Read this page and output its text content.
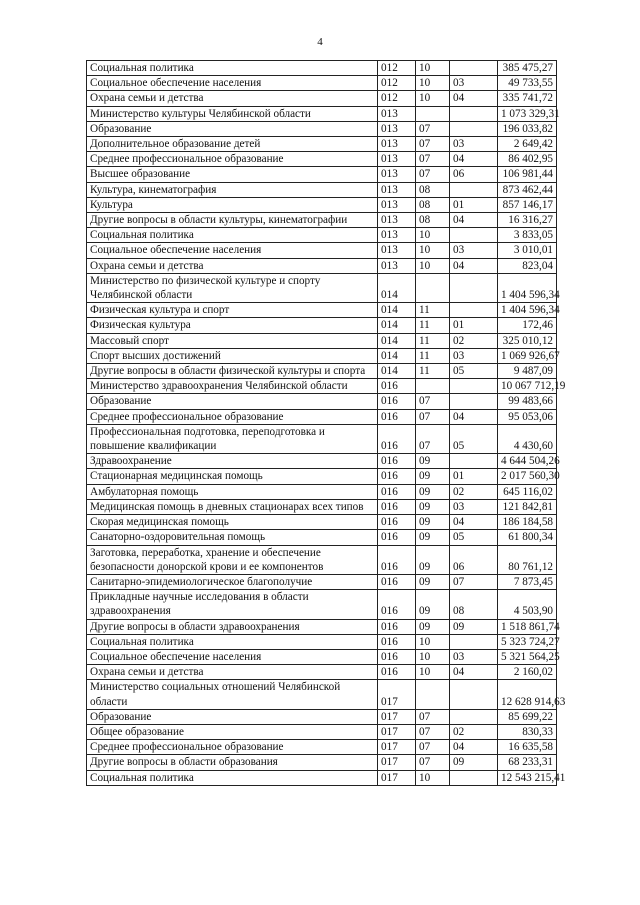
4
Социальная политика	012	10		385 475,27
Социальное обеспечение населения	012	10	03	49 733,55
Охрана семьи и детства	012	10	04	335 741,72
Министерство культуры Челябинской области	013			1 073 329,31
Образование	013	07		196 033,82
Дополнительное образование детей	013	07	03	2 649,42
Среднее профессиональное образование	013	07	04	86 402,95
Высшее образование	013	07	06	106 981,44
Культура, кинематография	013	08		873 462,44
Культура	013	08	01	857 146,17
Другие вопросы в области культуры, кинематографии	013	08	04	16 316,27
Социальная политика	013	10		3 833,05
Социальное обеспечение населения	013	10	03	3 010,01
Охрана семьи и детства	013	10	04	823,04
Министерство по физической культуре и спорту Челябинской области	014			1 404 596,34
Физическая культура и спорт	014	11		1 404 596,34
Физическая культура	014	11	01	172,46
Массовый спорт	014	11	02	325 010,12
Спорт высших достижений	014	11	03	1 069 926,67
Другие вопросы в области физической культуры и спорта	014	11	05	9 487,09
Министерство здравоохранения Челябинской области	016			10 067 712,19
Образование	016	07		99 483,66
Среднее профессиональное образование	016	07	04	95 053,06
Профессиональная подготовка, переподготовка и повышение квалификации	016	07	05	4 430,60
Здравоохранение	016	09		4 644 504,26
Стационарная медицинская помощь	016	09	01	2 017 560,30
Амбулаторная помощь	016	09	02	645 116,02
Медицинская помощь в дневных стационарах всех типов	016	09	03	121 842,81
Скорая медицинская помощь	016	09	04	186 184,58
Санаторно-оздоровительная помощь	016	09	05	61 800,34
Заготовка, переработка, хранение и обеспечение безопасности донорской крови и ее компонентов	016	09	06	80 761,12
Санитарно-эпидемиологическое благополучие	016	09	07	7 873,45
Прикладные научные исследования в области здравоохранения	016	09	08	4 503,90
Другие вопросы в области здравоохранения	016	09	09	1 518 861,74
Социальная политика	016	10		5 323 724,27
Социальное обеспечение населения	016	10	03	5 321 564,25
Охрана семьи и детства	016	10	04	2 160,02
Министерство социальных отношений Челябинской области	017			12 628 914,63
Образование	017	07		85 699,22
Общее образование	017	07	02	830,33
Среднее профессиональное образование	017	07	04	16 635,58
Другие вопросы в области образования	017	07	09	68 233,31
Социальная политика	017	10		12 543 215,41
